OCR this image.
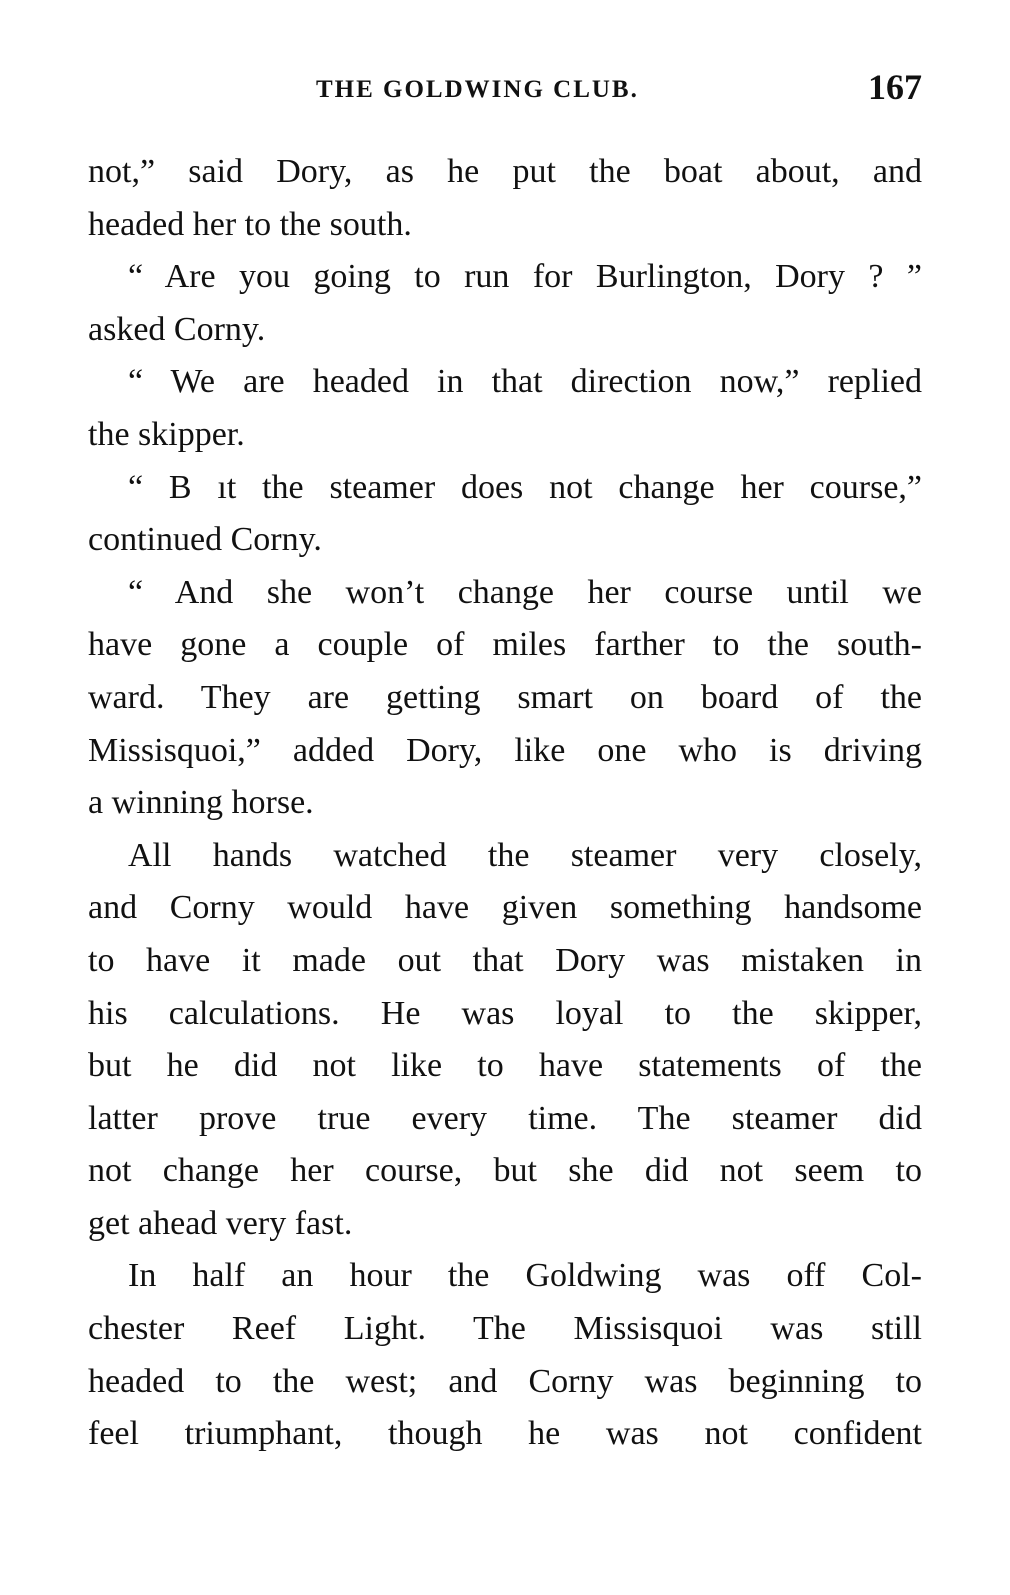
THE GOLDWING CLUB.	167
not,” said Dory, as he put the boat about, and
headed her to the south.
“ Are you going to run for Burlington, Dory ? ”
asked Corny.
“ We are headed in that direction now,” replied
the skipper.
“ B ıt the steamer does not change her course,”
continued Corny.
“ And she won’t change her course until we
have gone a couple of miles farther to the south-
ward. They are getting smart on board of the
Missisquoi,” added Dory, like one who is driving
a winning horse.
All hands watched the steamer very closely,
and Corny would have given something handsome
to have it made out that Dory was mistaken in
his calculations. He was loyal to the skipper,
but he did not like to have statements of the
latter prove true every time. The steamer did
not change her course, but she did not seem to
get ahead very fast.
In half an hour the Goldwing was off Col-
chester Reef Light. The Missisquoi was still
headed to the west; and Corny was beginning to
feel triumphant, though he was not confident
